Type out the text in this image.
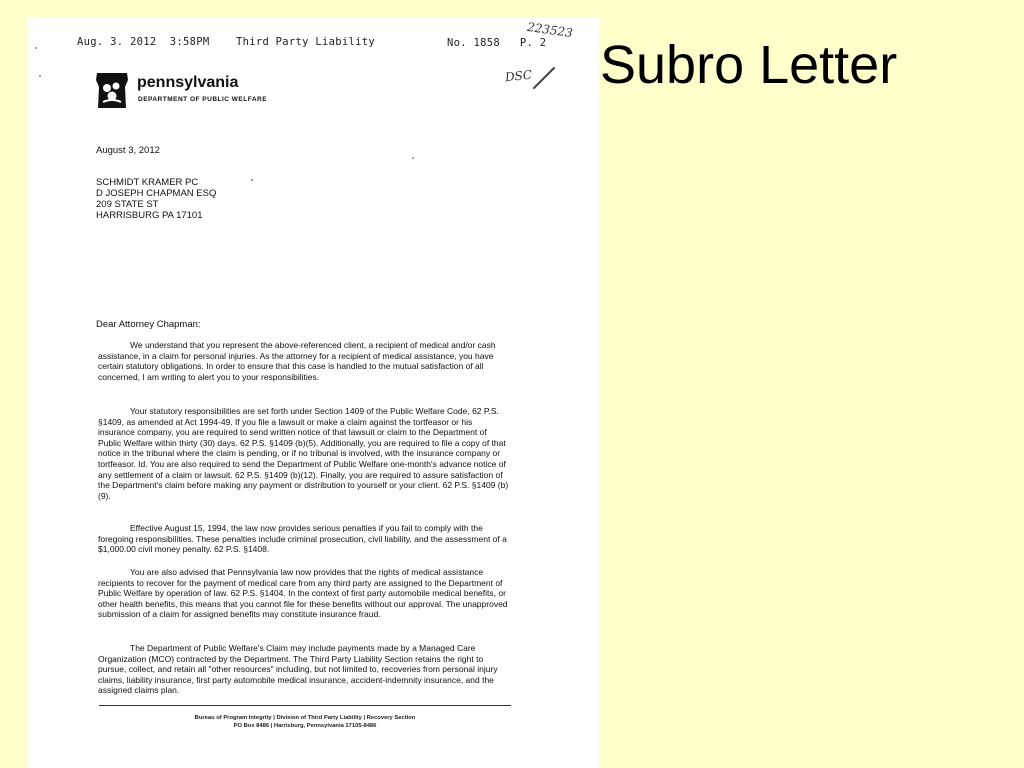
Subro Letter
Aug. 3. 2012 3:58PM	Third Party Liability	No. 1858 P. 2
223523
DSC
pennsylvania
DEPARTMENT OF PUBLIC WELFARE
August 3, 2012
SCHMIDT KRAMER PC
D JOSEPH CHAPMAN ESQ
209 STATE ST
HARRISBURG PA 17101
Dear Attorney Chapman:
We understand that you represent the above-referenced client, a recipient of medical and/or cash assistance, in a claim for personal injuries. As the attorney for a recipient of medical assistance, you have certain statutory obligations. In order to ensure that this case is handled to the mutual satisfaction of all concerned, I am writing to alert you to your responsibilities.
Your statutory responsibilities are set forth under Section 1409 of the Public Welfare Code, 62 P.S. §1409, as amended at Act 1994-49. If you file a lawsuit or make a claim against the tortfeasor or his insurance company, you are required to send written notice of that lawsuit or claim to the Department of Public Welfare within thirty (30) days. 62 P.S. §1409 (b)(5). Additionally, you are required to file a copy of that notice in the tribunal where the claim is pending, or if no tribunal is involved, with the insurance company or tortfeasor. Id. You are also required to send the Department of Public Welfare one-month's advance notice of any settlement of a claim or lawsuit. 62 P.S. §1409 (b)(12). Finally, you are required to assure satisfaction of the Department's claim before making any payment or distribution to yourself or your client. 62 P.S. §1409 (b)(9).
Effective August 15, 1994, the law now provides serious penalties if you fail to comply with the foregoing responsibilities. These penalties include criminal prosecution, civil liability, and the assessment of a $1,000.00 civil money penalty. 62 P.S. §1408.
You are also advised that Pennsylvania law now provides that the rights of medical assistance recipients to recover for the payment of medical care from any third party are assigned to the Department of Public Welfare by operation of law. 62 P.S. §1404. In the context of first party automobile medical benefits, or other health benefits, this means that you cannot file for these benefits without our approval. The unapproved submission of a claim for assigned benefits may constitute insurance fraud.
The Department of Public Welfare's Claim may include payments made by a Managed Care Organization (MCO) contracted by the Department. The Third Party Liability Section retains the right to pursue, collect, and retain all "other resources" including, but not limited to, recoveries from personal injury claims, liability insurance, first party automobile medical insurance, accident-indemnity insurance, and the assigned claims plan.
Bureau of Program Integrity | Division of Third Party Liability | Recovery Section
PO Box 8486 | Harrisburg, Pennsylvania 17105-8486
